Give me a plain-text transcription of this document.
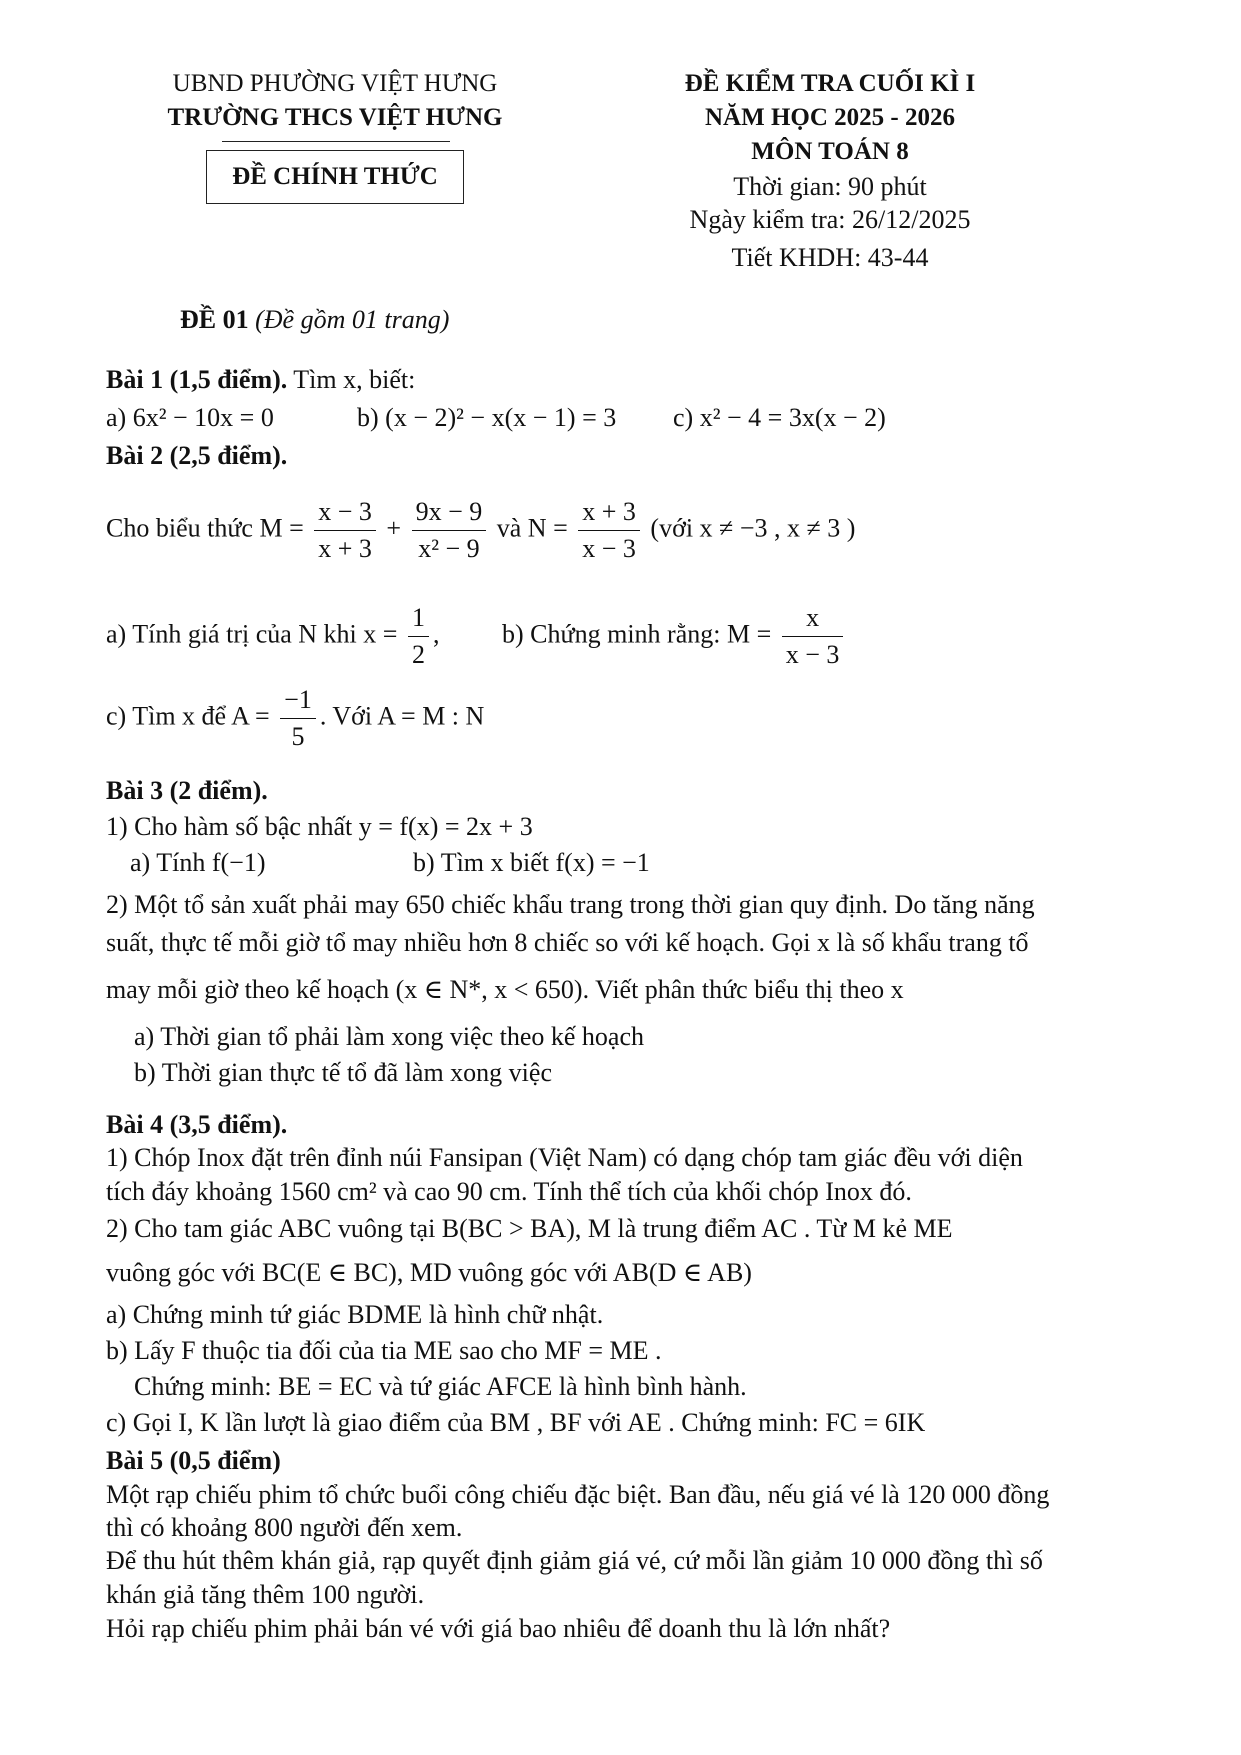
UBND PHƯỜNG VIỆT HƯNG
TRƯỜNG THCS VIỆT HƯNG
ĐỀ CHÍNH THỨC
ĐỀ KIỂM TRA CUỐI KÌ I
NĂM HỌC 2025 - 2026
MÔN TOÁN 8
Thời gian: 90 phút
Ngày kiểm tra: 26/12/2025
Tiết KHDH: 43-44
ĐỀ 01 (Đề gồm 01 trang)
Bài 1 (1,5 điểm). Tìm x, biết:
a) 6x² − 10x = 0	b) (x − 2)² − x(x − 1) = 3 c) x² − 4 = 3x(x − 2)
Bài 2 (2,5 điểm).
Cho biểu thức $M = \frac{x - 3}{x + 3} + \frac{9x - 9}{\text{x² − 9}}$ và $N = \frac{x + 3}{x - 3}$ (với x ≠ −3 , x ≠ 3 )
a) Tính giá trị của N khi $x = \frac{1}{2}$ , b) Chứng minh rằng: $M = \frac{x}{x - 3}$
c) Tìm x để $A = \frac{-1}{5}$ . Với A = M : N
Bài 3 (2 điểm).
1) Cho hàm số bậc nhất y = f(x) = 2x + 3
a) Tính f(−1)	b) Tìm x biết f(x) = −1
2) Một tổ sản xuất phải may 650 chiếc khẩu trang trong thời gian quy định. Do tăng năng
suất, thực tế mỗi giờ tổ may nhiều hơn 8 chiếc so với kế hoạch. Gọi x là số khẩu trang tổ
may mỗi giờ theo kế hoạch (x ∈ N*, x < 650). Viết phân thức biểu thị theo x
a) Thời gian tổ phải làm xong việc theo kế hoạch
b) Thời gian thực tế tổ đã làm xong việc
Bài 4 (3,5 điểm).
1) Chóp Inox đặt trên đỉnh núi Fansipan (Việt Nam) có dạng chóp tam giác đều với diện
tích đáy khoảng 1560 cm² và cao 90 cm. Tính thể tích của khối chóp Inox đó.
2) Cho tam giác ABC vuông tại B(BC > BA), M là trung điểm AC . Từ M kẻ ME
vuông góc với BC(E ∈ BC), MD vuông góc với AB(D ∈ AB)
a) Chứng minh tứ giác BDME là hình chữ nhật.
b) Lấy F thuộc tia đối của tia ME sao cho MF = ME .
Chứng minh: BE = EC và tứ giác AFCE là hình bình hành.
c) Gọi I, K lần lượt là giao điểm của BM , BF với AE . Chứng minh: FC = 6IK
Bài 5 (0,5 điểm)
Một rạp chiếu phim tổ chức buổi công chiếu đặc biệt. Ban đầu, nếu giá vé là 120 000 đồng
thì có khoảng 800 người đến xem.
Để thu hút thêm khán giả, rạp quyết định giảm giá vé, cứ mỗi lần giảm 10 000 đồng thì số
khán giả tăng thêm 100 người.
Hỏi rạp chiếu phim phải bán vé với giá bao nhiêu để doanh thu là lớn nhất?
